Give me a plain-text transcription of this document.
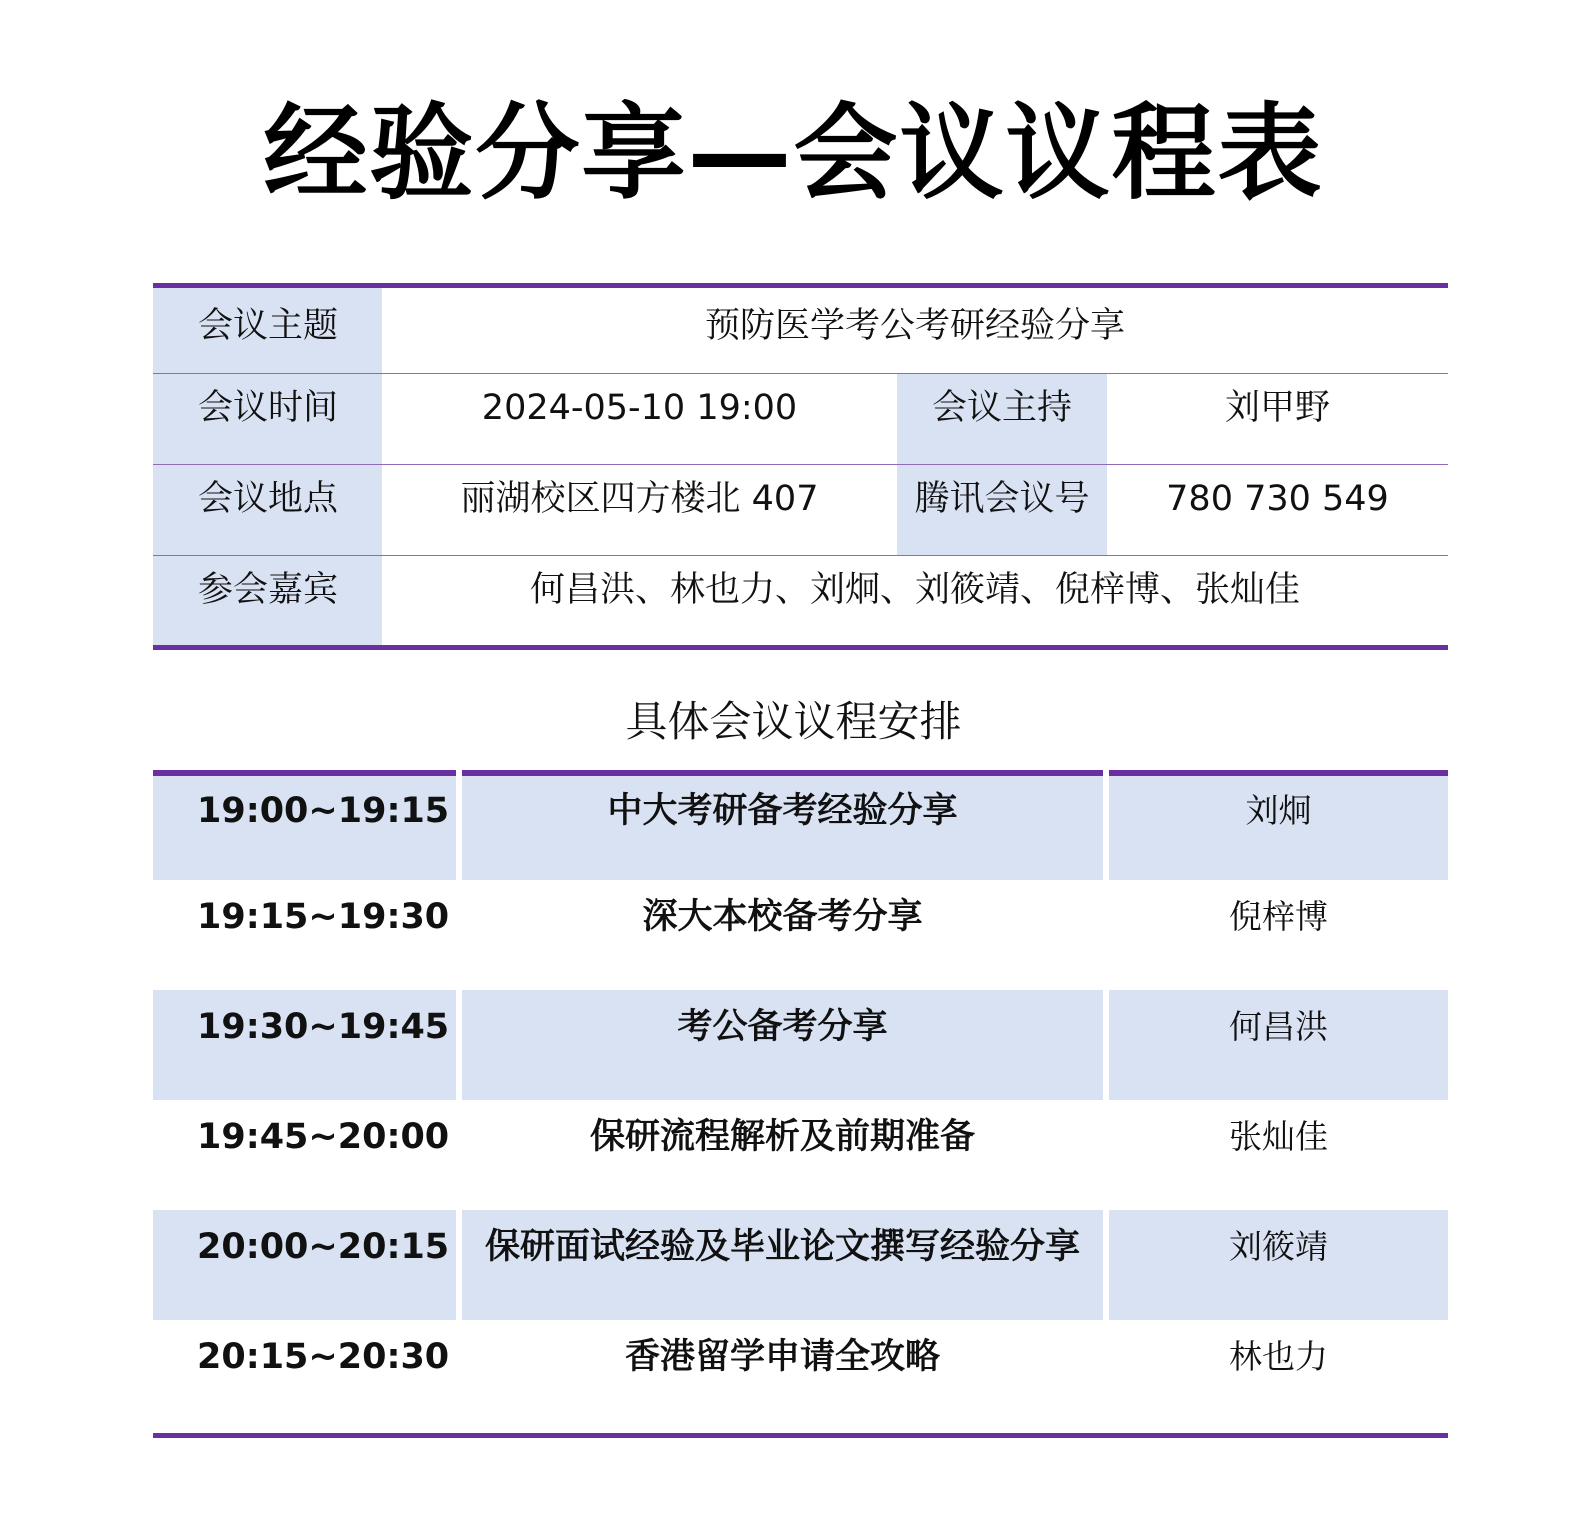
经验分享—会议议程表
会议主题	预防医学考公考研经验分享
会议时间	2024-05-10 19:00	会议主持	刘甲野
会议地点	丽湖校区四方楼北 407	腾讯会议号	780 730 549
参会嘉宾	何昌洪、林也力、刘炯、刘筱靖、倪梓博、张灿佳
具体会议议程安排
19:00~19:15	中大考研备考经验分享	刘炯
19:15~19:30	深大本校备考分享	倪梓博
19:30~19:45	考公备考分享	何昌洪
19:45~20:00	保研流程解析及前期准备	张灿佳
20:00~20:15	保研面试经验及毕业论文撰写经验分享	刘筱靖
20:15~20:30	香港留学申请全攻略	林也力
